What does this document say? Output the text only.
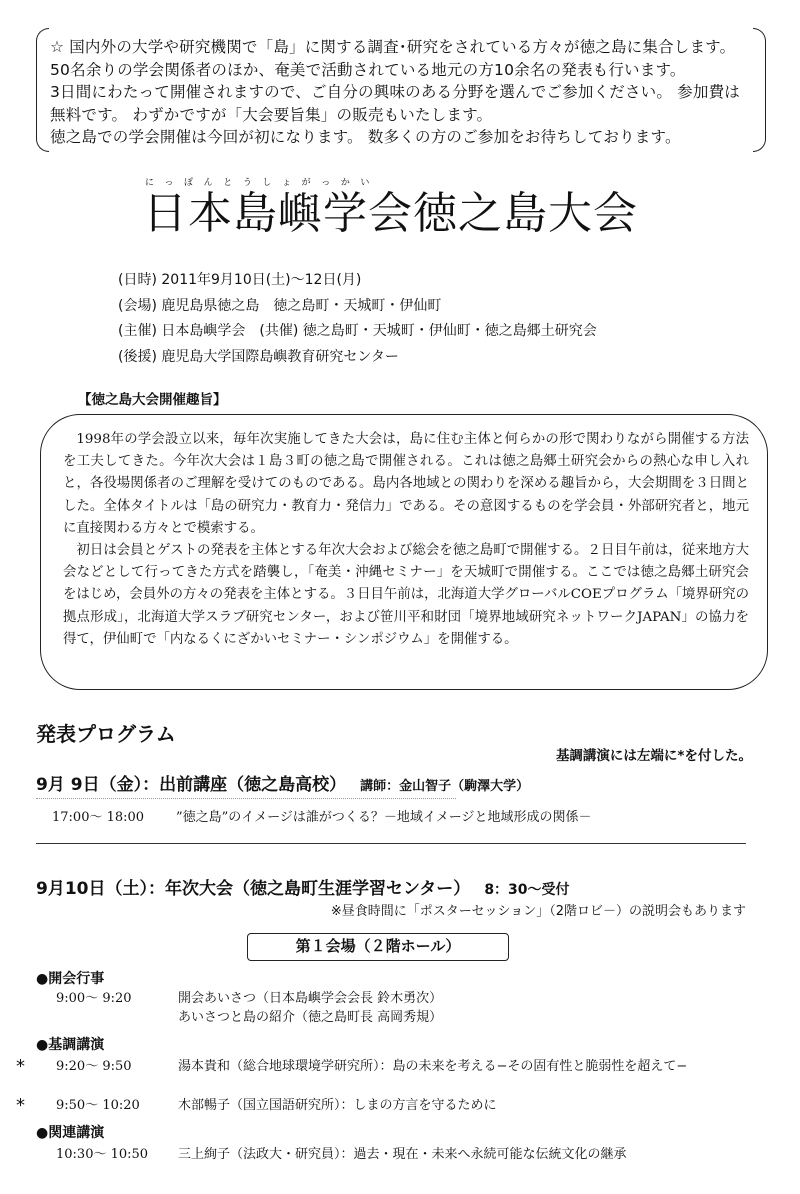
☆ 国内外の大学や研究機関で「島」に関する調査･研究をされている方々が徳之島に集合します。
50名余りの学会関係者のほか、奄美で活動されている地元の方10余名の発表も行います。
3日間にわたって開催されますので、ご自分の興味のある分野を選んでご参加ください。 参加費は
無料です。 わずかですが「大会要旨集」の販売もいたします。
徳之島での学会開催は今回が初になります。 数多くの方のご参加をお待ちしております。
にっぽんとうしょがっかい
日本島嶼学会徳之島大会
(日時) 2011年9月10日(土)～12日(月)
(会場) 鹿児島県徳之島　徳之島町・天城町・伊仙町
(主催) 日本島嶼学会　(共催) 徳之島町・天城町・伊仙町・徳之島郷土研究会
(後援) 鹿児島大学国際島嶼教育研究センター
【徳之島大会開催趣旨】

1998年の学会設立以来，毎年次実施してきた大会は，島に住む主体と何らかの形で関わりながら開催する方法を工夫してきた。今年次大会は１島３町の徳之島で開催される。これは徳之島郷土研究会からの熱心な申し入れと，各役場関係者のご理解を受けてのものである。島内各地域との関わりを深める趣旨から，大会期間を３日間とした。全体タイトルは「島の研究力・教育力・発信力」である。その意図するものを学会員・外部研究者と，地元に直接関わる方々とで模索する。

初日は会員とゲストの発表を主体とする年次大会および総会を徳之島町で開催する。２日目午前は，従来地方大会などとして行ってきた方式を踏襲し，「奄美・沖縄セミナー」を天城町で開催する。ここでは徳之島郷土研究会をはじめ，会員外の方々の発表を主体とする。３日目午前は，北海道大学グローバルCOEプログラム「境界研究の拠点形成」，北海道大学スラブ研究センター，および笹川平和財団「境界地域研究ネットワークJAPAN」の協力を得て，伊仙町で「内なるくにざかいセミナー・シンポジウム」を開催する。

発表プログラム
基調講演には左端に*を付した。
9月 9日（金）：出前講座（徳之島高校） 講師：金山智子（駒澤大学）
17:00～ 18:00 ”徳之島”のイメージは誰がつくる？－地域イメージと地域形成の関係－
9月10日（土）：年次大会（徳之島町生涯学習センター） 8：30～受付
※昼食時間に「ポスターセッション」（2階ロビ－）の説明会もあります
第１会場（２階ホール）
●開会行事
9:00～ 9:20	開会あいさつ（日本島嶼学会会長 鈴木勇次）
あいさつと島の紹介（徳之島町長 高岡秀規）
●基調講演
* 9:20～ 9:50	湯本貴和（総合地球環境学研究所）：島の未来を考える−その固有性と脆弱性を超えて−
* 9:50～ 10:20	木部暢子（国立国語研究所）：しまの方言を守るために
●関連講演
10:30～ 10:50 三上絢子（法政大・研究員）：過去・現在・未来へ永続可能な伝統文化の継承
